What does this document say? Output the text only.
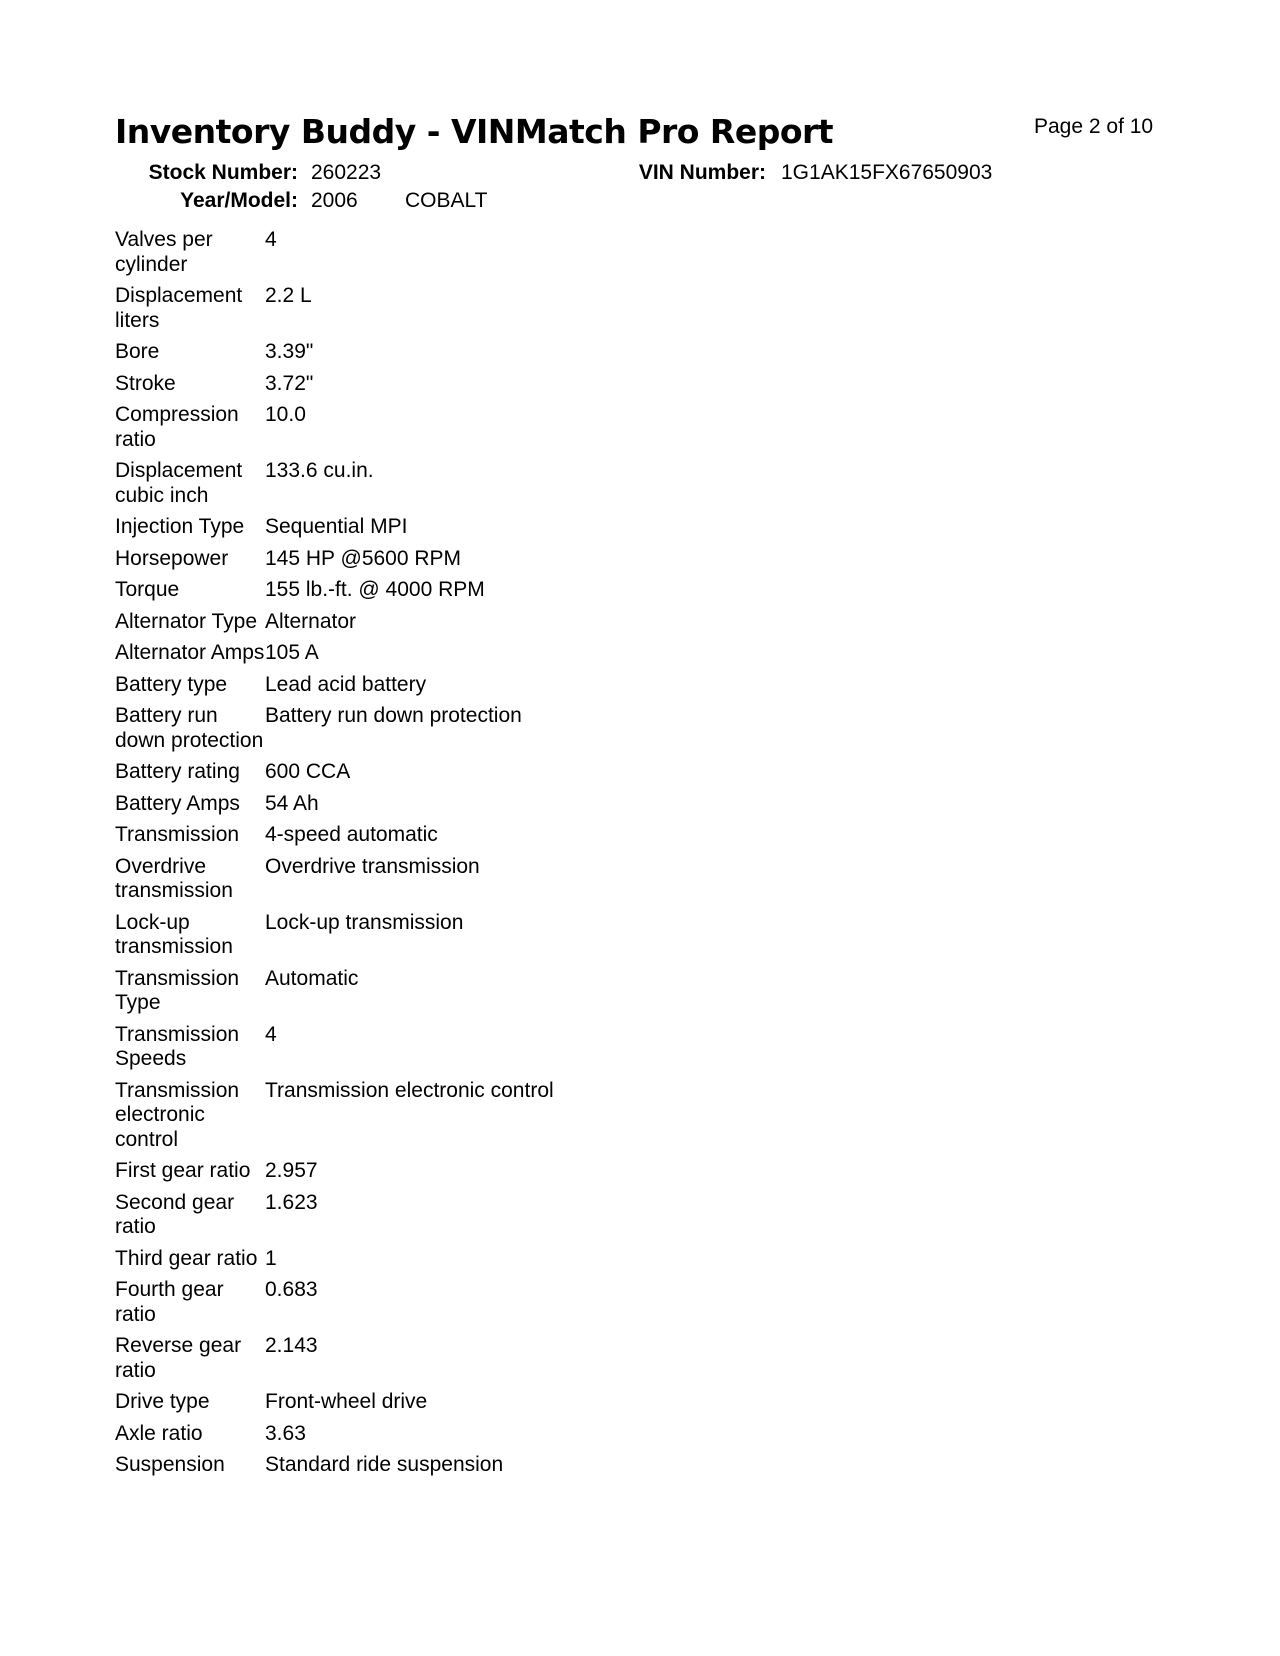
Inventory Buddy - VINMatch Pro Report	Page 2 of 10
Stock Number: 260223	VIN Number: 1G1AK15FX67650903
Year/Model: 2006 COBALT
Valves per cylinder	4
Displacement liters	2.2 L
Bore	3.39"
Stroke	3.72"
Compression ratio	10.0
Displacement cubic inch	133.6 cu.in.
Injection Type	Sequential MPI
Horsepower	145 HP @5600 RPM
Torque	155 lb.-ft. @ 4000 RPM
Alternator Type	Alternator
Alternator Amps	105 A
Battery type	Lead acid battery
Battery run down protection	Battery run down protection
Battery rating	600 CCA
Battery Amps	54 Ah
Transmission	4-speed automatic
Overdrive transmission	Overdrive transmission
Lock-up transmission	Lock-up transmission
Transmission Type	Automatic
Transmission Speeds	4
Transmission electronic control	Transmission electronic control
First gear ratio	2.957
Second gear ratio	1.623
Third gear ratio	1
Fourth gear ratio	0.683
Reverse gear ratio	2.143
Drive type	Front-wheel drive
Axle ratio	3.63
Suspension	Standard ride suspension
